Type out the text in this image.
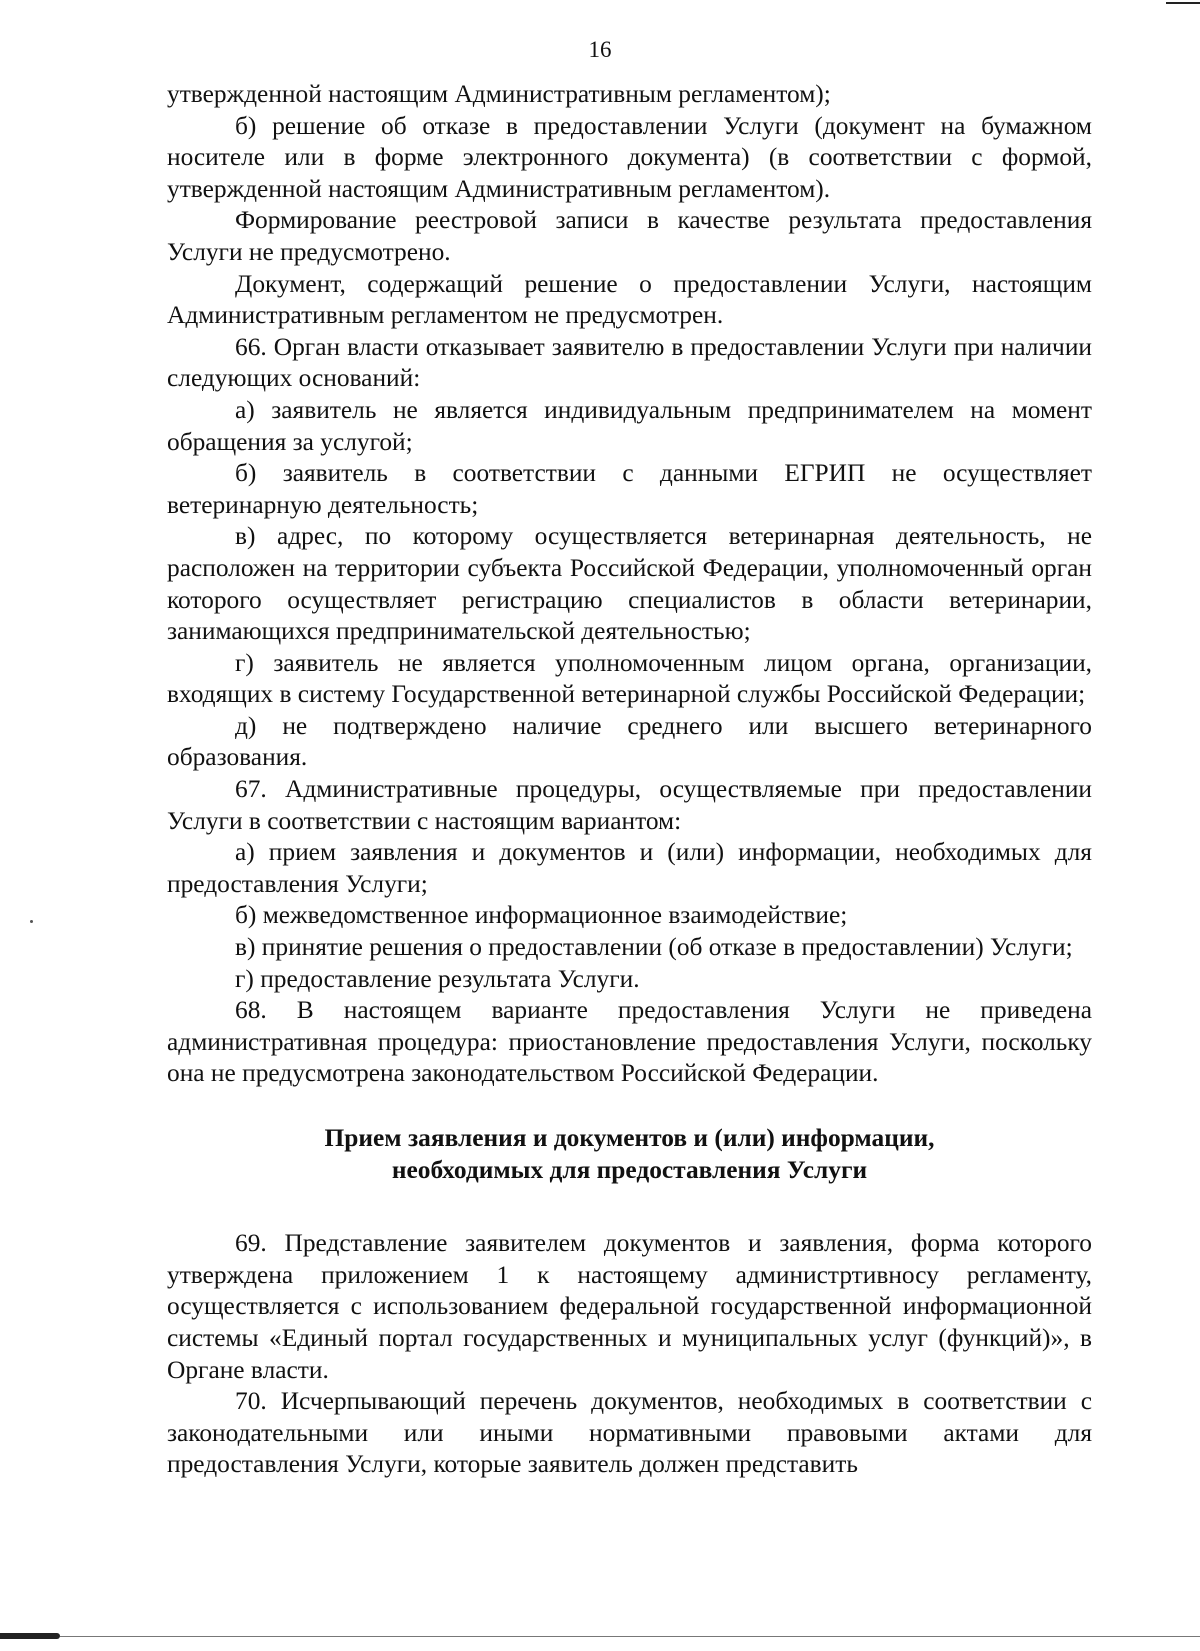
16

утвержденной настоящим Административным регламентом);

б) решение об отказе в предоставлении Услуги (документ на бумажном носителе или в форме электронного документа) (в соответствии с формой, утвержденной настоящим Административным регламентом).

Формирование реестровой записи в качестве результата предоставления Услуги не предусмотрено.

Документ, содержащий решение о предоставлении Услуги, настоящим Административным регламентом не предусмотрен.

66. Орган власти отказывает заявителю в предоставлении Услуги при наличии следующих оснований:

а) заявитель не является индивидуальным предпринимателем на момент обращения за услугой;

б) заявитель в соответствии с данными ЕГРИП не осуществляет ветеринарную деятельность;

в) адрес, по которому осуществляется ветеринарная деятельность, не расположен на территории субъекта Российской Федерации, уполномоченный орган которого осуществляет регистрацию специалистов в области ветеринарии, занимающихся предпринимательской деятельностью;

г) заявитель не является уполномоченным лицом органа, организации, входящих в систему Государственной ветеринарной службы Российской Федерации;

д) не подтверждено наличие среднего или высшего ветеринарного образования.

67. Административные процедуры, осуществляемые при предоставлении Услуги в соответствии с настоящим вариантом:

а) прием заявления и документов и (или) информации, необходимых для предоставления Услуги;

б) межведомственное информационное взаимодействие;

в) принятие решения о предоставлении (об отказе в предоставлении) Услуги;

г) предоставление результата Услуги.

68. В настоящем варианте предоставления Услуги не приведена административная процедура: приостановление предоставления Услуги, поскольку она не предусмотрена законодательством Российской Федерации.

Прием заявления и документов и (или) информации,
необходимых для предоставления Услуги

69. Представление заявителем документов и заявления, форма которого утверждена приложением 1 к настоящему администртивносу регламенту, осуществляется с использованием федеральной государственной информационной системы «Единый портал государственных и муниципальных услуг (функций)», в Органе власти.

70. Исчерпывающий перечень документов, необходимых в соответствии с законодательными или иными нормативными правовыми актами для предоставления Услуги, которые заявитель должен представить
